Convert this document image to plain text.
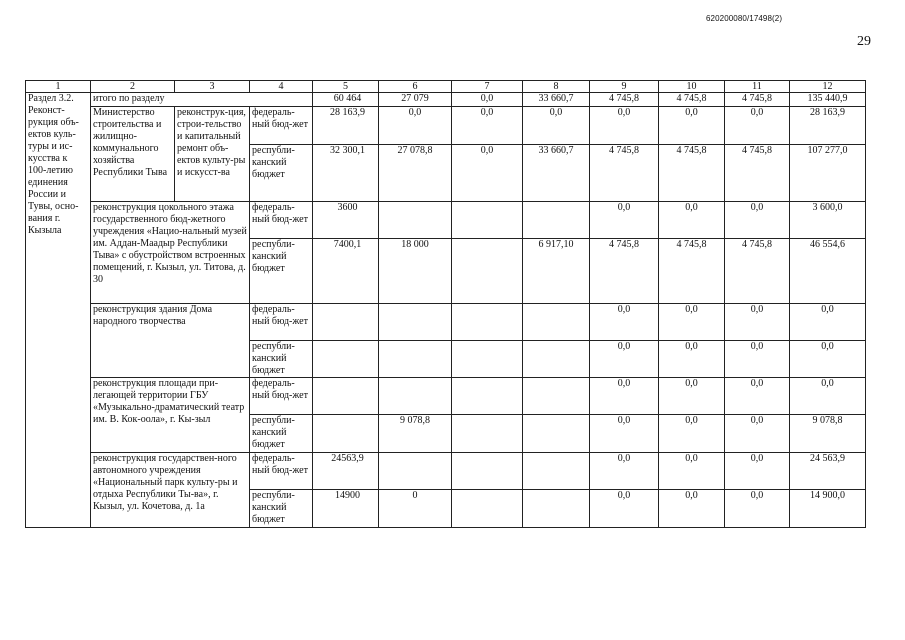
620200080/17498(2)
29
1	2	3	4	5	6	7	8	9	10	11	12
Раздел 3.2. Реконст-рукция объ-ектов куль-туры и ис-кусства к 100-летию единения России и Тувы, осно-вания г. Кызыла	итого по разделу			60 464	27 079	0,0	33 660,7	4 745,8	4 745,8	4 745,8	135 440,9
	Министерство строительства и жилищно-коммунального хозяйства Республики Тыва	реконструк-ция, строи-тельство и капитальный ремонт объ-ектов культу-ры и искусст-ва	федераль-ный бюд-жет	28 163,9	0,0	0,0	0,0	0,0	0,0	0,0	28 163,9
			республи-канский бюджет	32 300,1	27 078,8	0,0	33 660,7	4 745,8	4 745,8	4 745,8	107 277,0
	реконструкция цокольного этажа государственного бюд-жетного учреждения «Нацио-нальный музей им. Аддан-Маадыр Республики Тыва» с обустройством встроенных помещений, г. Кызыл, ул. Титова, д. 30		федераль-ный бюд-жет	3600				0,0	0,0	0,0	3 600,0
			республи-канский бюджет	7400,1	18 000		6 917,10	4 745,8	4 745,8	4 745,8	46 554,6
	реконструкция здания Дома народного творчества		федераль-ный бюд-жет					0,0	0,0	0,0	0,0
			республи-канский бюджет					0,0	0,0	0,0	0,0
	реконструкция площади при-легающей территории ГБУ «Музыкально-драматический театр им. В. Кок-оола», г. Кы-зыл		федераль-ный бюд-жет					0,0	0,0	0,0	0,0
			республи-канский бюджет		9 078,8			0,0	0,0	0,0	9 078,8
	реконструкция государствен-ного автономного учреждения «Национальный парк культу-ры и отдыха Республики Ты-ва», г. Кызыл, ул. Кочетова, д. 1а		федераль-ный бюд-жет	24563,9				0,0	0,0	0,0	24 563,9
			республи-канский бюджет	14900	0			0,0	0,0	0,0	14 900,0
